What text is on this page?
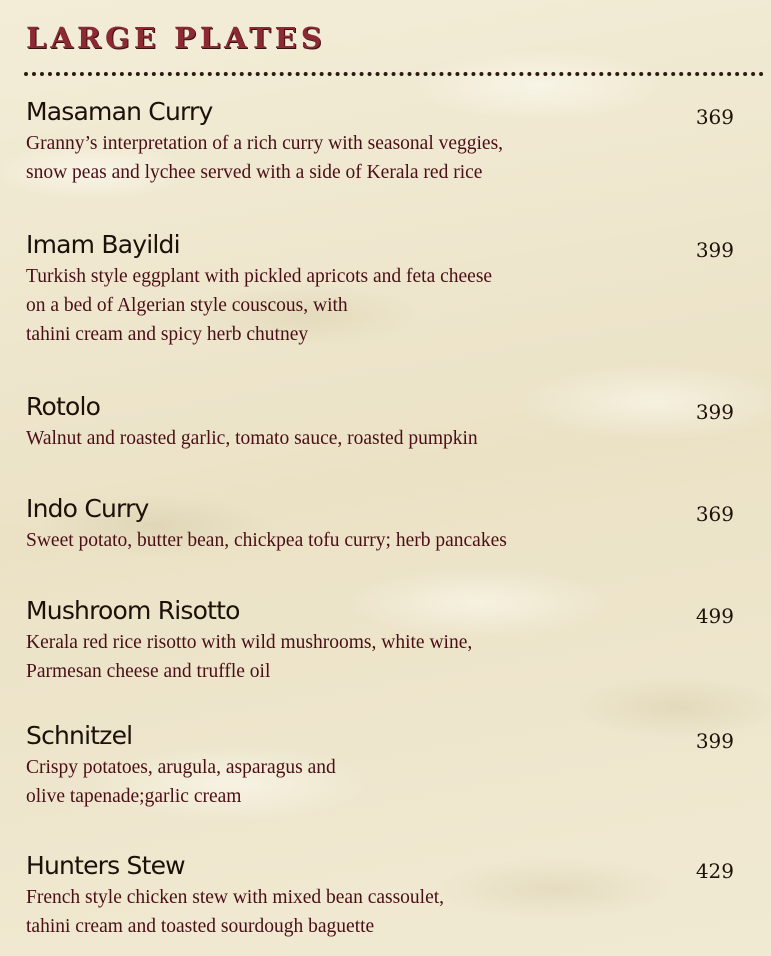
LARGE PLATES
Masaman Curry	369

Granny’s interpretation of a rich curry with seasonal veggies,
snow peas and lychee served with a side of Kerala red rice

Imam Bayildi	399

Turkish style eggplant with pickled apricots and feta cheese
on a bed of Algerian style couscous, with
tahini cream and spicy herb chutney

Rotolo	399

Walnut and roasted garlic, tomato sauce, roasted pumpkin

Indo Curry	369

Sweet potato, butter bean, chickpea tofu curry; herb pancakes

Mushroom Risotto	499

Kerala red rice risotto with wild mushrooms, white wine,
Parmesan cheese and truffle oil

Schnitzel	399

Crispy potatoes, arugula, asparagus and
olive tapenade;garlic cream

Hunters Stew	429

French style chicken stew with mixed bean cassoulet,
tahini cream and toasted sourdough baguette
